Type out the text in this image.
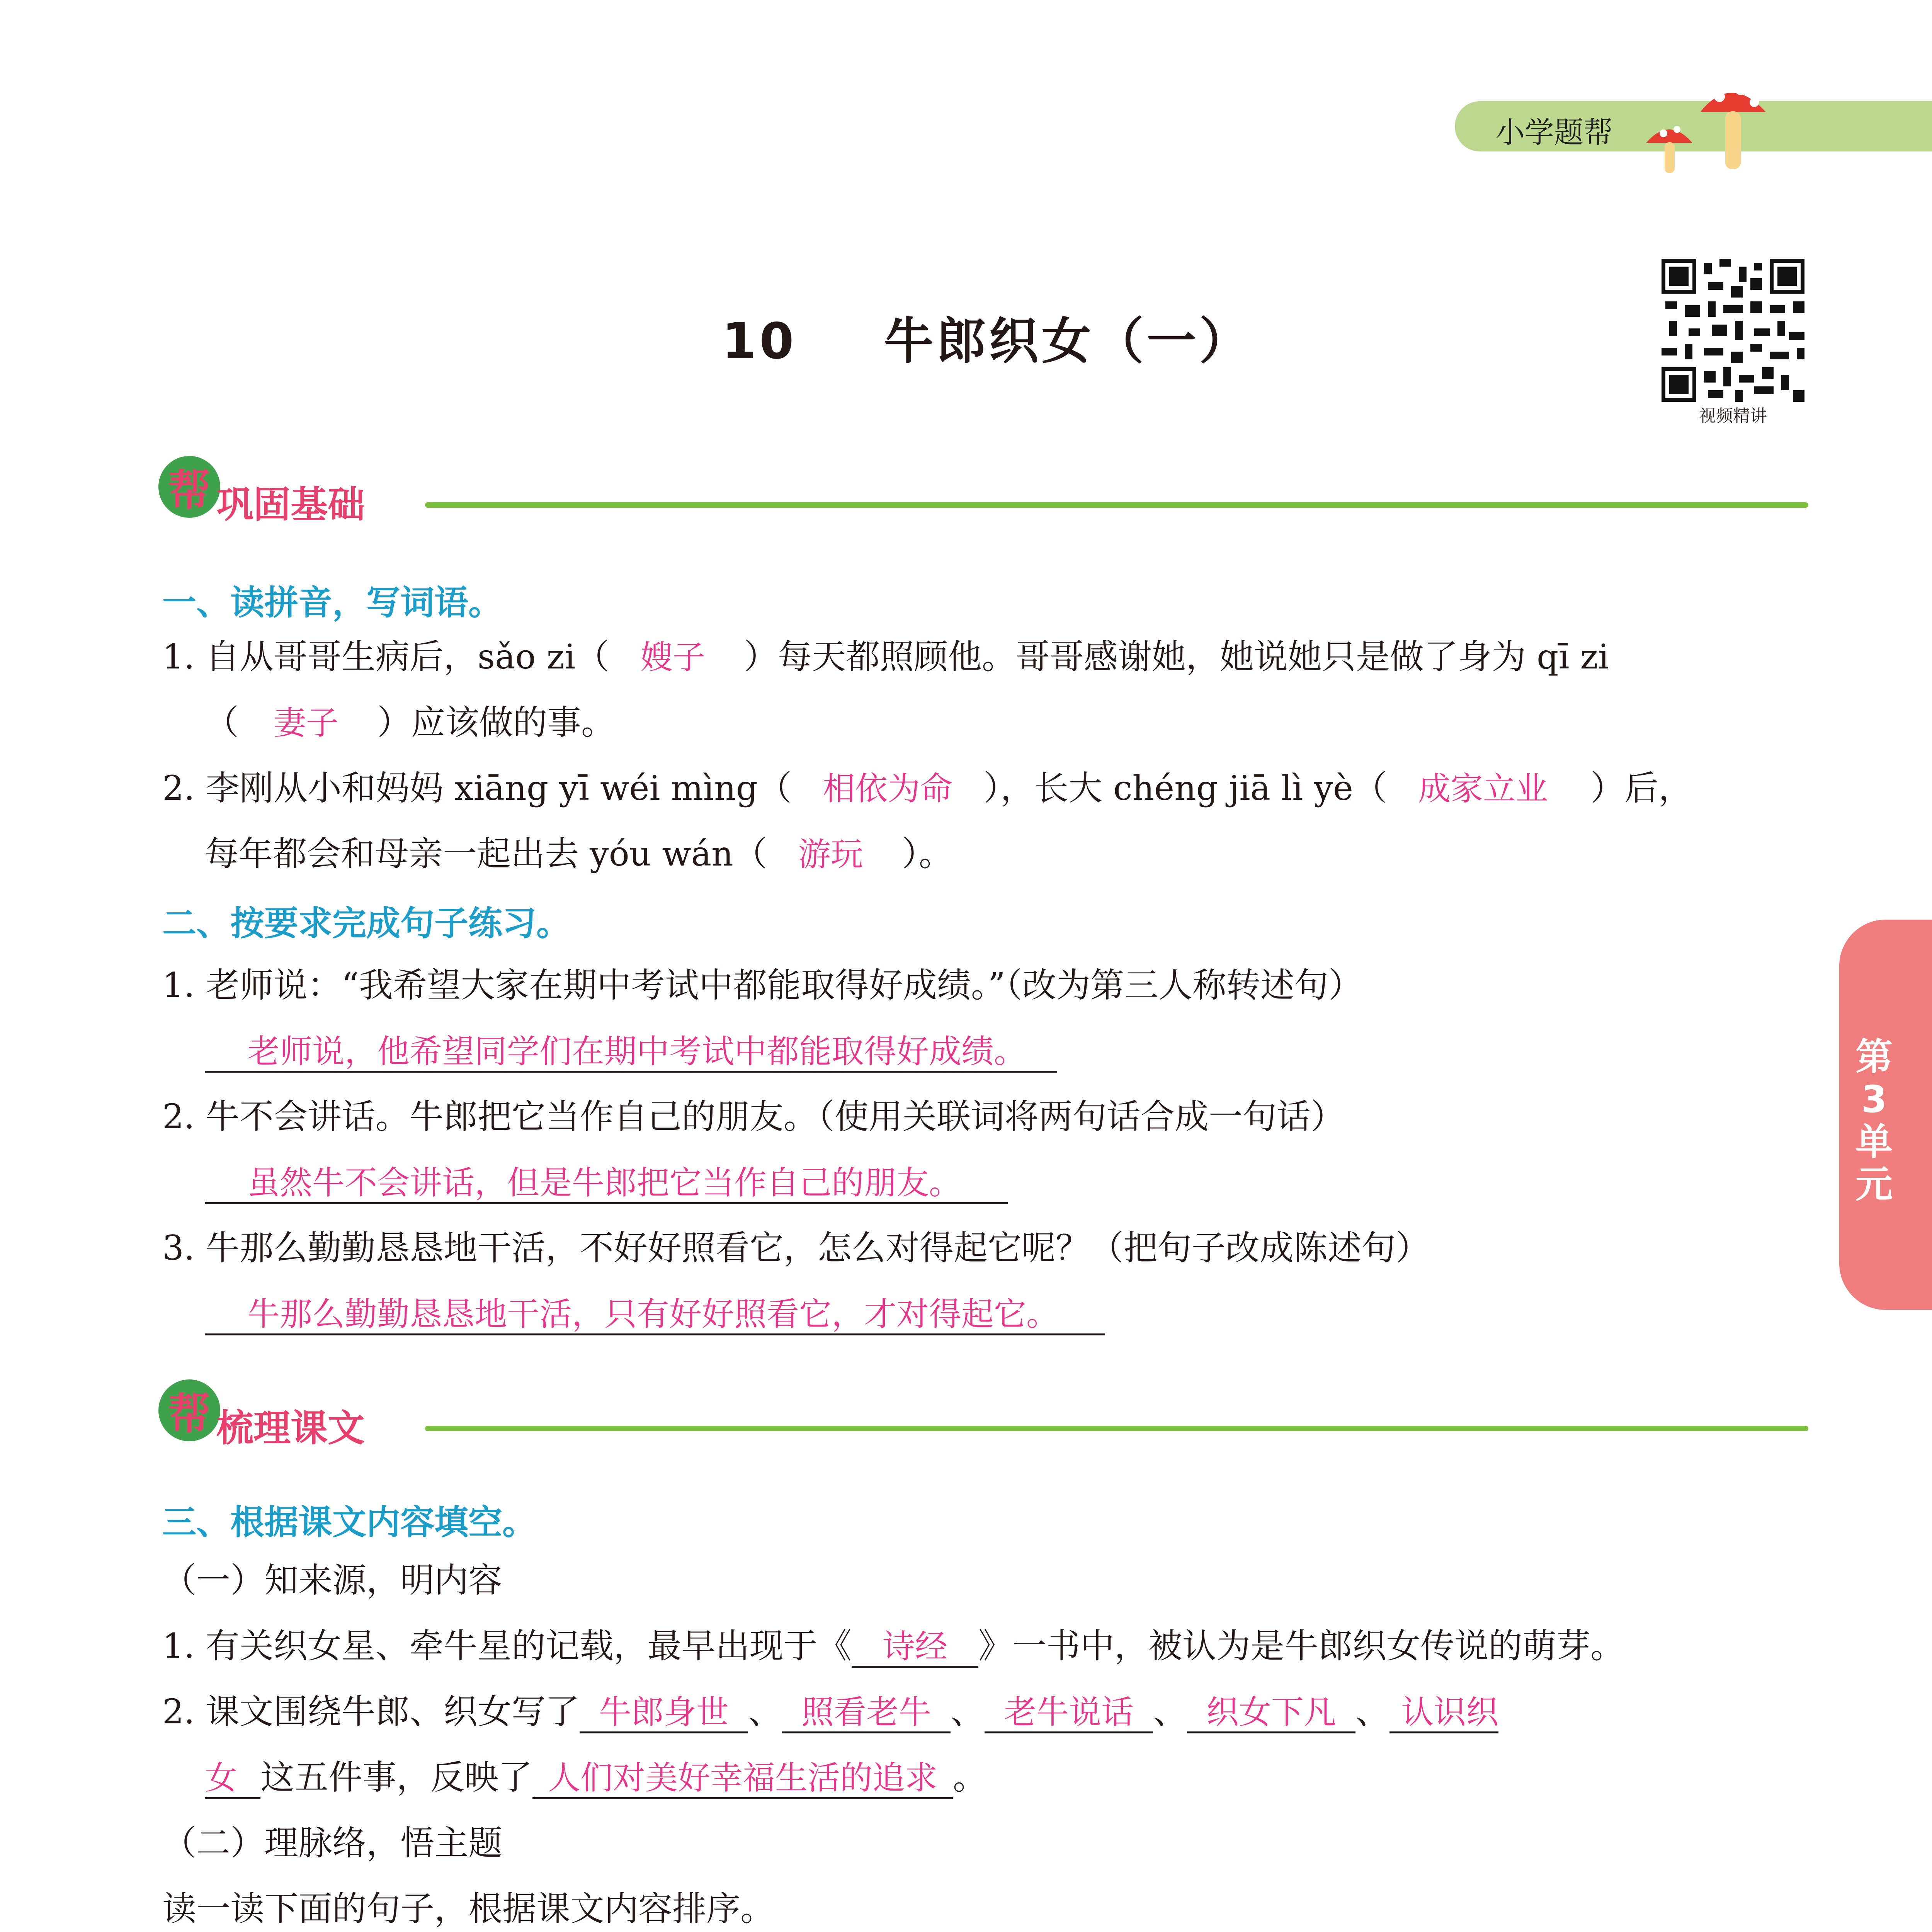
小学题帮
10 牛郎织女（一）
视频精讲
第3单元
帮 巩固基础
一、读拼音，写词语。
1. 自从哥哥生病后，sǎo zi（ 嫂子 ）每天都照顾他。哥哥感谢她，她说她只是做了身为 qī zi
（ 妻子 ）应该做的事。
2. 李刚从小和妈妈 xiāng yī wéi mìng（ 相依为命 ），长大 chéng jiā lì yè（ 成家立业 ）后，
每年都会和母亲一起出去 yóu wán（ 游玩 ）。
二、按要求完成句子练习。
1. 老师说：“我希望大家在期中考试中都能取得好成绩。”（改为第三人称转述句）
老师说，他希望同学们在期中考试中都能取得好成绩。
2. 牛不会讲话。牛郎把它当作自己的朋友。（使用关联词将两句话合成一句话）
虽然牛不会讲话，但是牛郎把它当作自己的朋友。
3. 牛那么勤勤恳恳地干活，不好好照看它，怎么对得起它呢？（把句子改成陈述句）
牛那么勤勤恳恳地干活，只有好好照看它，才对得起它。
帮 梳理课文
三、根据课文内容填空。
（一）知来源，明内容
1. 有关织女星、牵牛星的记载，最早出现于《 诗经 》一书中，被认为是牛郎织女传说的萌芽。
2. 课文围绕牛郎、织女写了 牛郎身世 、 照看老牛 、 老牛说话 、 织女下凡 、 认识织
女 这五件事，反映了 人们对美好幸福生活的追求 。
（二）理脉络，悟主题
读一读下面的句子，根据课文内容排序。
